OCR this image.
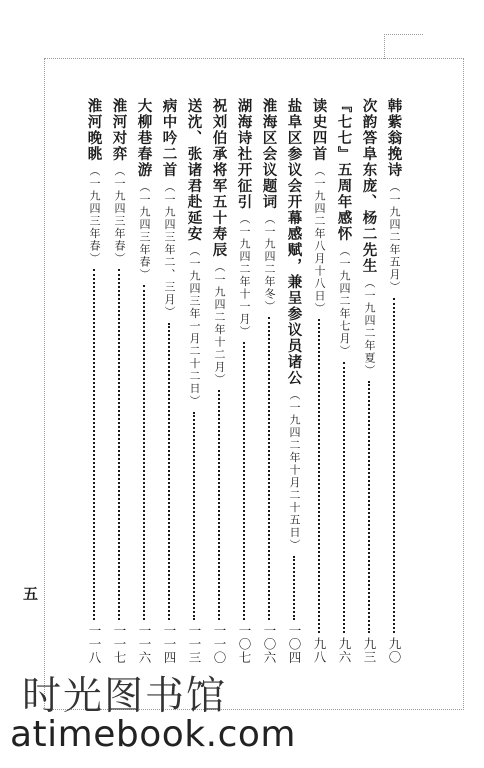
韩紫翁挽诗
（一九四二年五月）
九〇
次韵答阜东庞、杨二先生
（一九四二年夏）
九三
『七七』五周年感怀
（一九四二年七月）
九六
读史四首
（一九四二年八月十八日）
九八
盐阜区参议会开幕感赋，兼呈参议员诸公
（一九四二年十月二十五日）
一〇四
淮海区会议题词
（一九四二年冬）
一〇六
湖海诗社开征引
（一九四二年十一月）
一〇七
祝刘伯承将军五十寿辰
（一九四二年十二月）
一一〇
送沈、张诸君赴延安
（一九四三年一月二十二日）
一一三
病中吟二首
（一九四三年二、三月）
一一四
大柳巷春游
（一九四三年春）
一一六
淮河对弈
（一九四三年春）
一一七
淮河晚眺
（一九四三年春）
一一八
五
时光图书馆
atimebook.com
